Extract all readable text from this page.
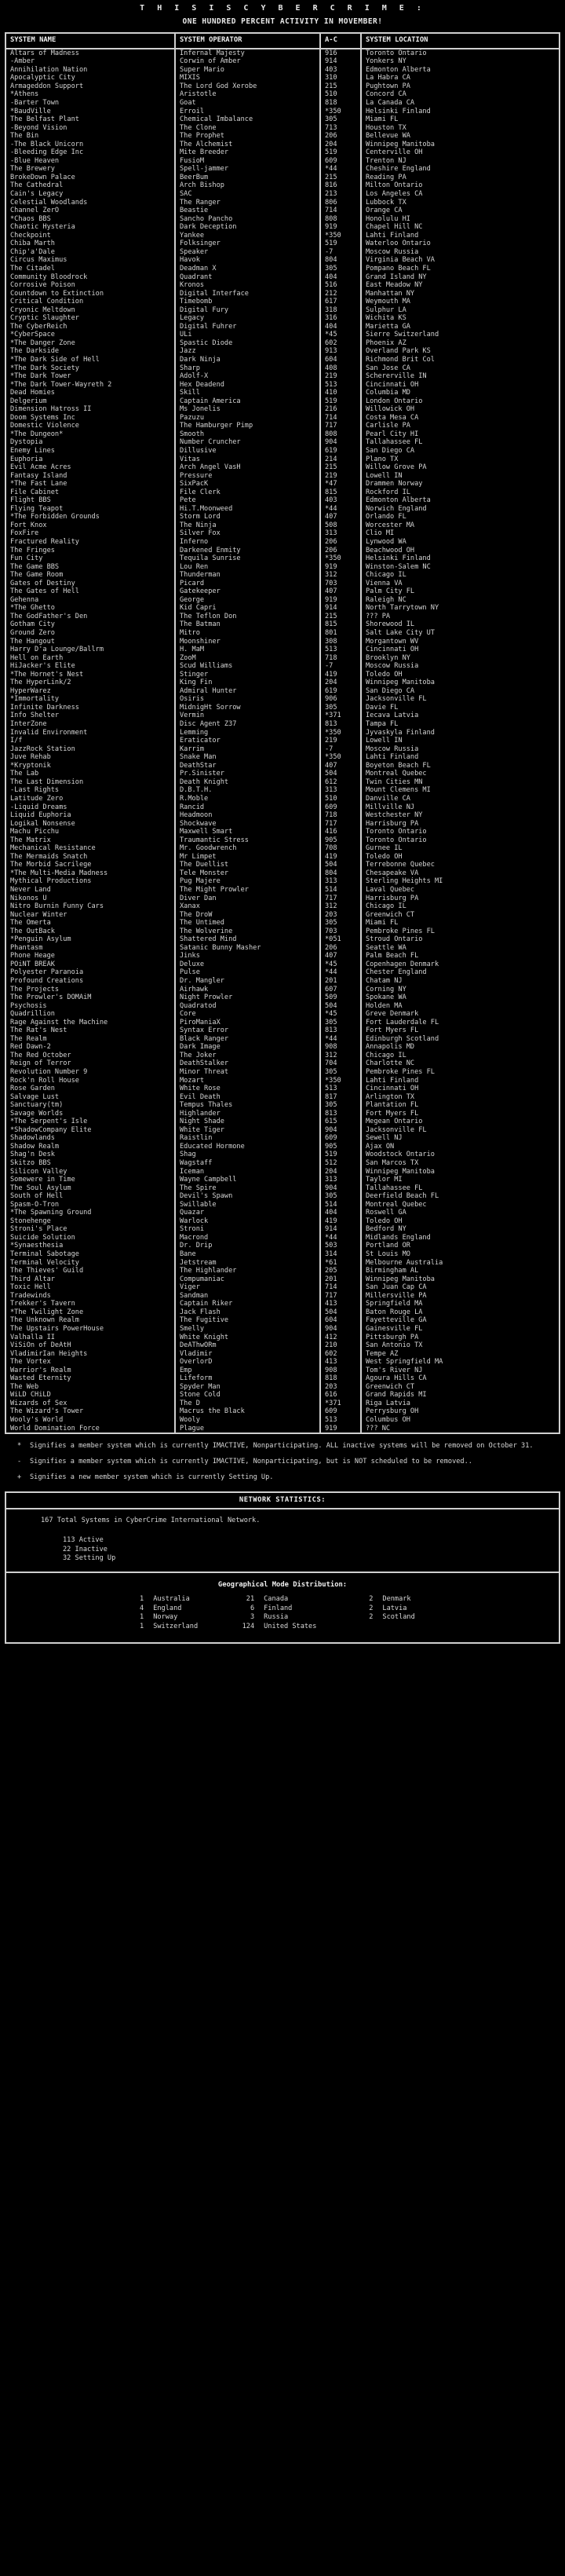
T H I S I S C Y B E R C R I M E :
ONE HUNDRED PERCENT ACTIVITY IN MOVEMBER!
SYSTEM NAME	SYSTEM OPERATOR	A-C	SYSTEM LOCATION
Altars of Madness	Infernal Majesty	916	Toronto Ontario
-Amber	Corwin of Amber	914	Yonkers NY
Annihilation Nation	Super Mario	403	Edmonton Alberta
Apocalyptic City	MIXIS	310	La Habra CA
Armageddon Support	The Lord God Xerobe	215	Pughtown PA
*Athens	Aristotle	510	Concord CA
-Barter Town	Goat	818	La Canada CA
*BaudVille	Erroil	*350	Helsinki Finland
The Belfast Plant	Chemical Imbalance	305	Miami FL
-Beyond Vision	The Clone	713	Houston TX
The Bin	The Prophet	206	Bellevue WA
-The Black Unicorn	The Alchemist	204	Winnipeg Manitoba
-Bleeding Edge Inc	Mite Breeder	519	Centerville OH
-Blue Heaven	FusioM	609	Trenton NJ
The Brewery	Spell-jammer	*44	Cheshire England
BrokeDown Palace	BeerBum	215	Reading PA
The Cathedral	Arch Bishop	816	Milton Ontario
Cain's Legacy	SAC	213	Los Angeles CA
Celestial Woodlands	The Ranger	806	Lubbock TX
Channel ZerO	Beastie	714	Orange CA
*Chaos BBS	Sancho Pancho	808	Honolulu HI
Chaotic Hysteria	Dark Deception	919	Chapel Hill NC
Checkpoint	Yankee	*350	Lahti Finland
Chiba Marth	Folksinger	519	Waterloo Ontario
Chip'a'Dale	Speaker	-7	Moscow Russia
Circus Maximus	Havok	804	Virginia Beach VA
The Citadel	Deadman X	305	Pompano Beach FL
Community Bloodrock	Quadrant	404	Grand Island NY
Corrosive Poison	Kronos	516	East Meadow NY
Countdown to Extinction	Digital Interface	212	Manhattan NY
Critical Condition	Timebomb	617	Weymouth MA
Cryonic Meltdown	Digital Fury	318	Sulphur LA
Cryptic Slaughter	Legacy	316	Wichita KS
The CyberReich	Digital Fuhrer	404	Marietta GA
*CyberSpace	ULi	*45	Sierre Switzerland
*The Danger Zone	Spastic Diode	602	Phoenix AZ
The Darkside	Jazz	913	Overland Park KS
*The Dark Side of Hell	Dark Ninja	604	Richmond Brit Col
*The Dark Society	Sharp	408	San Jose CA
*The Dark Tower	Adolf-X	219	Schererville IN
*The Dark Tower-Wayreth 2	Hex Deadend	513	Cincinnati OH
Dead Homies	Skill	410	Columbia MD
Delgerium	Captain America	519	London Ontario
Dimension Hatross II	Ms Jonelis	216	Willowick OH
Doom Systems Inc	Pazuzu	714	Costa Mesa CA
Domestic Violence	The Hamburger Pimp	717	Carlisle PA
*The Dungeon*	Smooth	808	Pearl City HI
Dystopia	Number Cruncher	904	Tallahassee FL
Enemy Lines	Dillusive	619	San Diego CA
Euphoria	Vitas	214	Plano TX
Evil Acme Acres	Arch Angel VasH	215	Willow Grove PA
Fantasy Island	Pressure	219	Lowell IN
*The Fast Lane	SixPacK	*47	Drammen Norway
File Cabinet	File Clerk	815	Rockford IL
Flight BBS	Pete	403	Edmonton Alberta
Flying Teapot	Hi.T.Moonweed	*44	Norwich England
*The Forbidden Grounds	Storm Lord	407	Orlando FL
Fort Knox	The Ninja	508	Worcester MA
FoxFire	Silver Fox	313	Clio MI
Fractured Reality	Inferno	206	Lynwood WA
The Fringes	Darkened Enmity	206	Beachwood OH
Fun City	Tequila Sunrise	*350	Helsinki Finland
The Game BBS	Lou Ren	919	Winston-Salem NC
The Game Room	Thunderman	312	Chicago IL
Gates of Destiny	Picard	703	Vienna VA
The Gates of Hell	Gatekeeper	407	Palm City FL
Gehenna	George	919	Raleigh NC
*The Ghetto	Kid Capri	914	North Tarrytown NY
The GodFather's Den	The Teflon Don	215	??? PA
Gotham City	The Batman	815	Shorewood IL
Ground Zero	Mitro	801	Salt Lake City UT
The Hangout	Moonshiner	308	Morgantown WV
Harry D'a Lounge/Ballrm	H. MaM	513	Cincinnati OH
Hell on Earth	ZooM	718	Brooklyn NY
HiJacker's Elite	Scud Williams	-7	Moscow Russia
*The Hornet's Nest	Stinger	419	Toledo OH
The HyperLink/2	King Fin	204	Winnipeg Manitoba
HyperWarez	Admiral Hunter	619	San Diego CA
*Immortality	Osiris	906	Jacksonville FL
Infinite Darkness	MidnigHt Sorrow	305	Davie FL
Info Shelter	Vermin	*371	Iecava Latvia
InterZone	Disc Agent Z37	813	Tampa FL
Invalid Environment	Lemming	*350	Jyvaskyla Finland
I/f	Eraticator	219	Lowell IN
JazzRock Station	Karrim	-7	Moscow Russia
Juve Rehab	Snake Man	*350	Lahti Finland
*Kryptonik	DeathStar	407	Boyeton Beach FL
The Lab	Pr.Sinister	504	Montreal Quebec
The Last Dimension	Death Knight	612	Twin Cities MN
-Last Rights	D.B.T.H.	313	Mount Clemens MI
Latitude Zero	R.Moble	510	Danville CA
-Liquid Dreams	Rancid	609	Millville NJ
Liquid Euphoria	Headmoon	718	Westchester NY
Logikal Nonsense	Shockwave	717	Harrisburg PA
Machu Picchu	Maxwell Smart	416	Toronto Ontario
The Matrix	Traumantic Stress	905	Toronto Ontario
Mechanical Resistance	Mr. Goodwrench	708	Gurnee IL
The Mermaids Snatch	Mr Limpet	419	Toledo OH
The Morbid Sacrilege	The Duellist	504	Terrebonne Quebec
*The Multi-Media Madness	Tele Monster	804	Chesapeake VA
Mythical Productions	Pug Majere	313	Sterling Heights MI
Never Land	The Might Prowler	514	Laval Quebec
Nikonos U	Diver Dan	717	Harrisburg PA
Nitro Burnin Funny Cars	Xanax	312	Chicago IL
Nuclear Winter	The DroW	203	Greenwich CT
The Omerta	The Untimed	305	Miami FL
The OutBack	The Wolverine	703	Pembroke Pines FL
*Penguin Asylum	Shattered Mind	*051	Stroud Ontario
Phantasm	Satanic Bunny Masher	206	Seattle WA
Phone Heage	Jinks	407	Palm Beach FL
POiNT BREAK	Deluxe	*45	Copenhagen Denmark
Polyester Paranoia	Pulse	*44	Chester England
Profound Creations	Dr. Mangler	201	Chatam NJ
The Projects	Airhawk	607	Corning NY
The Prowler's DOMAiM	Night Prowler	509	Spokane WA
Psychosis	Quadratod	504	Holden MA
Quadrillion	Core	*45	Greve Denmark
Rage Against the Machine	PiroManiaX	305	Fort Lauderdale FL
The Rat's Nest	Syntax Error	813	Fort Myers FL
The Realm	Black Ranger	*44	Edinburgh Scotland
Red Dawn-2	Dark Image	908	Annapolis MD
The Red October	The Joker	312	Chicago IL
Reign of Terror	DeathStalker	704	Charlotte NC
Revolution Number 9	Minor Threat	305	Pembroke Pines FL
Rock'n Roll House	Mozart	*350	Lahti Finland
Rose Garden	White Rose	513	Cincinnati OH
Salvage Lust	Evil Death	817	Arlington TX
Sanctuary(tm)	Tempus Thales	305	Plantation FL
Savage Worlds	Highlander	813	Fort Myers FL
*The Serpent's Isle	Night Shade	615	Megean Ontario
*ShadowCompany Elite	White Tiger	904	Jacksonville FL
Shadowlands	Raistlin	609	Sewell NJ
Shadow Realm	Educated Hormone	905	Ajax ON
Shag'n Desk	Shag	519	Woodstock Ontario
Skitzo BBS	Wagstaff	512	San Marcos TX
Silicon Valley	Iceman	204	Winnipeg Manitoba
Somewere in Time	Wayne Campbell	313	Taylor MI
The Soul Asylum	The Spire	904	Tallahassee FL
South of Hell	Devil's Spawn	305	Deerfield Beach FL
Spasm-O-Tron	Swillable	514	Montreal Quebec
*The Spawning Ground	Quazar	404	Roswell GA
Stonehenge	Warlock	419	Toledo OH
Stroni's Place	Stroni	914	Bedford NY
Suicide Solution	Macrond	*44	Midlands England
*Synaesthesia	Dr. Drip	503	Portland OR
Terminal Sabotage	Bane	314	St Louis MO
Terminal Velocity	Jetstream	*61	Melbourne Australia
The Thieves' Guild	The Highlander	205	Birmingham AL
Third Altar	Compumaniac	201	Winnipeg Manitoba
Toxic Hell	Viger	714	San Juan Cap CA
Tradewinds	Sandman	717	Millersville PA
Trekker's Tavern	Captain Riker	413	Springfield MA
*The Twilight Zone	Jack Flash	504	Baton Rouge LA
The Unknown Realm	The Fugitive	604	Fayetteville GA
The Upstairs PowerHouse	Smelly	904	Gainesville FL
Valhalla II	White Knight	412	Pittsburgh PA
ViSiOn of DeAtH	DeAThwORm	210	San Antonio TX
VladimirIan Heights	Vladimir	602	Tempe AZ
The Vortex	OverlorD	413	West Springfield MA
Warrior's Realm	Emp	908	Tom's River NJ
Wasted Eternity	Lifeform	818	Agoura Hills CA
The Web	Spyder Man	203	Greenwich CT
WiLD CHiLD	Stone Cold	616	Grand Rapids MI
Wizards of Sex	The D	*371	Riga Latvia
The Wizard's Tower	Macrus the Black	609	Perrysburg OH
Wooly's World	Wooly	513	Columbus OH
World Domination Force	Plague	919	??? NC
* Signifies a member system which is currently IMACTIVE, Nonparticipating. ALL inactive systems will be removed on October 31.
- Signifies a member system which is currently IMACTIVE, Nonparticipating, but is NOT scheduled to be removed..
+ Signifies a new member system which is currently Setting Up.
NETWORK STATISTICS:
167 Total Systems in CyberCrime International Network.
113 Active
22 Inactive
32 Setting Up
Geographical Mode Distribution:
1	Australia	21	Canada	2	Denmark
4	England	6	Finland	2	Latvia
1	Norway	3	Russia	2	Scotland
1	Switzerland	124	United States		
